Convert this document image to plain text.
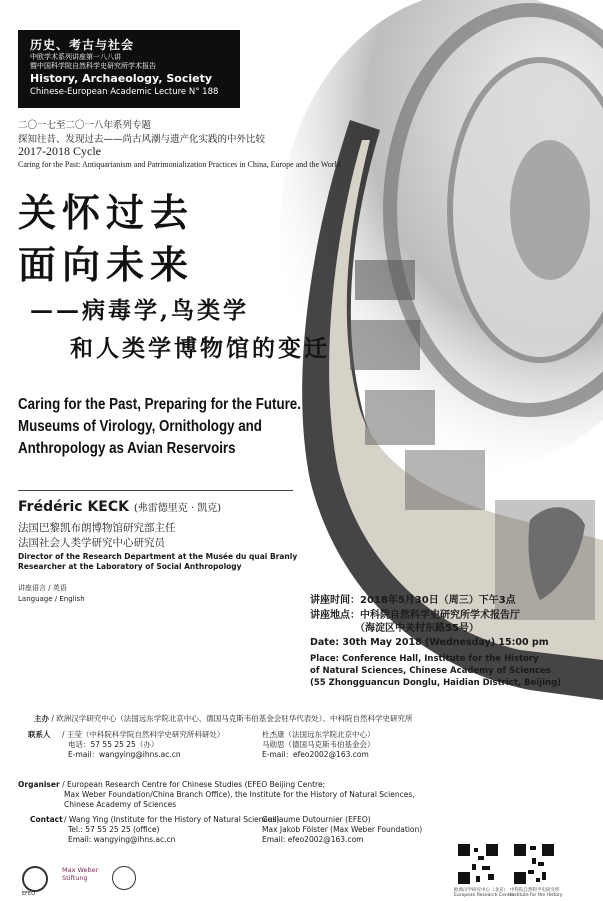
历史、考古与社会
中欧学术系列讲座第一八八讲
暨中国科学院自然科学史研究所学术报告
History, Archaeology, Society
Chinese-European Academic Lecture N° 188
二〇一七至二〇一八年系列专题
探知往昔、发现过去——尚古风潮与遗产化实践的中外比较
2017-2018 Cycle
Caring for the Past: Antiquarianism and Patrimonialization Practices in China, Europe and the World
关怀过去
面向未来
——病毒学,鸟类学
和人类学博物馆的变迁
Caring for the Past, Preparing for the Future.
Museums of Virology, Ornithology and
Anthropology as Avian Reservoirs
Frédéric KECK (弗雷德里克 · 凯克)
法国巴黎凯布朗博物馆研究部主任
法国社会人类学研究中心研究员
Director of the Research Department at the Musée du quai Branly
Researcher at the Laboratory of Social Anthropology
讲座语言 / 英语
Language / English	讲座时间：2018年5月30日（周三）下午3点
讲座地点：中科院自然科学史研究所学术报告厅
（海淀区中关村东路55号）
Date: 30th May 2018 (Wednesday) 15:00 pm
Place: Conference Hall, Institute for the History
of Natural Sciences, Chinese Academy of Sciences
(55 Zhongguancun Donglu, Haidian District, Beijing)
主办 / 欧洲汉学研究中心（法国远东学院北京中心、德国马克斯韦伯基金会驻华代表处）、中科院自然科学史研究所
联系人 / 王莹（中科院科学院自然科学史研究所科研处）
电话：57 55 25 25（办）
E-mail：wangying@ihns.ac.cn
杜杰康（法国远东学院北京中心）
马勋思（德国马克斯韦伯基金会）
E-mail：efeo2002@163.com
Organiser / European Research Centre for Chinese Studies (EFEO Beijing Centre;
Max Weber Foundation/China Branch Office), the Institute for the History of Natural Sciences,
Chinese Academy of Sciences
Contact / Wang Ying (Institute for the History of Natural Sciences)
Tel.: 57 55 25 25 (office)
Email: wangying@ihns.ac.cn
Guillaume Dutournier (EFEO)
Max Jakob Fölster (Max Weber Foundation)
Email: efeo2002@163.com
EFEO
Max Weber
Stiftung
欧洲汉学研究中心（北京）
European Research Centre
中科院自然科学史研究所
Institute for the History
